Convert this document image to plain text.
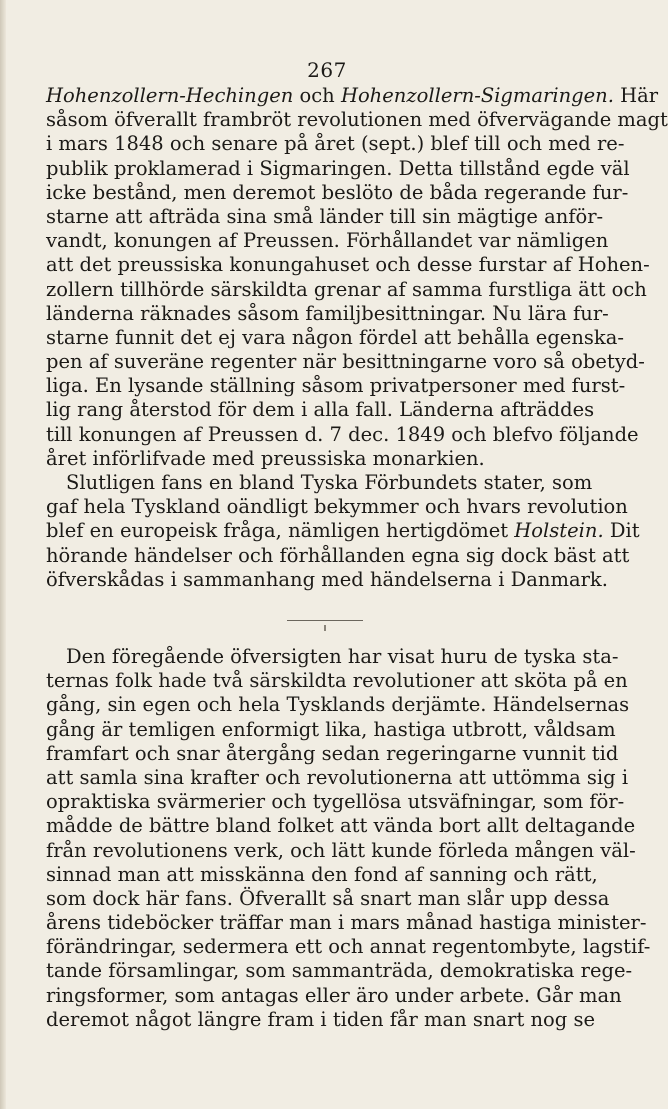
267
Hohenzollern-Hechingen och Hohenzollern-Sigmaringen. Här
såsom öfverallt frambröt revolutionen med öfvervägande magt
i mars 1848 och senare på året (sept.) blef till och med re-
publik proklamerad i Sigmaringen. Detta tillstånd egde väl
icke bestånd, men deremot beslöto de båda regerande fur-
starne att afträda sina små länder till sin mägtige anför-
vandt, konungen af Preussen. Förhållandet var nämligen
att det preussiska konungahuset och desse furstar af Hohen-
zollern tillhörde särskildta grenar af samma furstliga ätt och
länderna räknades såsom familjbesittningar. Nu lära fur-
starne funnit det ej vara någon fördel att behålla egenska-
pen af suveräne regenter när besittningarne voro så obetyd-
liga. En lysande ställning såsom privatpersoner med furst-
lig rang återstod för dem i alla fall. Länderna afträddes
till konungen af Preussen d. 7 dec. 1849 och blefvo följande
året införlifvade med preussiska monarkien.
Slutligen fans en bland Tyska Förbundets stater, som
gaf hela Tyskland oändligt bekymmer och hvars revolution
blef en europeisk fråga, nämligen hertigdömet Holstein. Dit
hörande händelser och förhållanden egna sig dock bäst att
öfverskådas i sammanhang med händelserna i Danmark.
Den föregående öfversigten har visat huru de tyska sta-
ternas folk hade två särskildta revolutioner att sköta på en
gång, sin egen och hela Tysklands derjämte. Händelsernas
gång är temligen enformigt lika, hastiga utbrott, våldsam
framfart och snar återgång sedan regeringarne vunnit tid
att samla sina krafter och revolutionerna att uttömma sig i
opraktiska svärmerier och tygellösa utsväfningar, som för-
mådde de bättre bland folket att vända bort allt deltagande
från revolutionens verk, och lätt kunde förleda mången väl-
sinnad man att misskänna den fond af sanning och rätt,
som dock här fans. Öfverallt så snart man slår upp dessa
årens tideböcker träffar man i mars månad hastiga minister-
förändringar, sedermera ett och annat regentombyte, lagstif-
tande församlingar, som sammanträda, demokratiska rege-
ringsformer, som antagas eller äro under arbete. Går man
deremot något längre fram i tiden får man snart nog se
